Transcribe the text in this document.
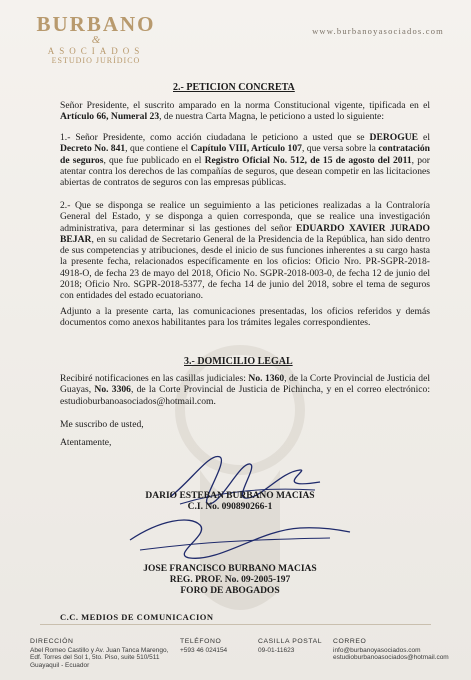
BURBANO
&
ASOCIADOS
ESTUDIO JURÍDICO
www.burbanoyasociados.com
2.- PETICION CONCRETA
Señor Presidente, el suscrito amparado en la norma Constitucional vigente, tipificada en el Artículo 66, Numeral 23, de nuestra Carta Magna, le peticiono a usted lo siguiente:
1.- Señor Presidente, como acción ciudadana le peticiono a usted que se DEROGUE el Decreto No. 841, que contiene el Capítulo VIII, Artículo 107, que versa sobre la contratación de seguros, que fue publicado en el Registro Oficial No. 512, de 15 de agosto del 2011, por atentar contra los derechos de las compañías de seguros, que desean competir en las licitaciones abiertas de contratos de seguros con las empresas públicas.
2.- Que se disponga se realice un seguimiento a las peticiones realizadas a la Contraloría General del Estado, y se disponga a quien corresponda, que se realice una investigación administrativa, para determinar si las gestiones del señor EDUARDO XAVIER JURADO BEJAR, en su calidad de Secretario General de la Presidencia de la República, han sido dentro de sus competencias y atribuciones, desde el inicio de sus funciones inherentes a su cargo hasta la presente fecha, relacionados específicamente en los oficios: Oficio Nro. PR-SGPR-2018-4918-O, de fecha 23 de mayo del 2018, Oficio No. SGPR-2018-003-0, de fecha 12 de junio del 2018; Oficio Nro. SGPR-2018-5377, de fecha 14 de junio del 2018, sobre el tema de seguros con entidades del estado ecuatoriano.
Adjunto a la presente carta, las comunicaciones presentadas, los oficios referidos y demás documentos como anexos habilitantes para los trámites legales correspondientes.
3.- DOMICILIO LEGAL
Recibiré notificaciones en las casillas judiciales: No. 1360, de la Corte Provincial de Justicia del Guayas, No. 3306, de la Corte Provincial de Justicia de Pichincha, y en el correo electrónico: estudioburbanoasociados@hotmail.com.
Me suscribo de usted,
Atentamente,
DARIO ESTEBAN BURBANO MACIAS
C.I. No. 090890266-1
JOSE FRANCISCO BURBANO MACIAS
REG. PROF. No. 09-2005-197
FORO DE ABOGADOS
C.C. MEDIOS DE COMUNICACION
DIRECCIÓN
Abel Romeo Castillo y Av. Juan Tanca Marengo,
Edf. Torres del Sol 1, 5to. Piso, suite 510/511
Guayaquil - Ecuador
TELÉFONO
+593 46 024154
CASILLA POSTAL
09-01-11623
CORREO
info@burbanoyasociados.com
estudioburbanoasociados@hotmail.com
